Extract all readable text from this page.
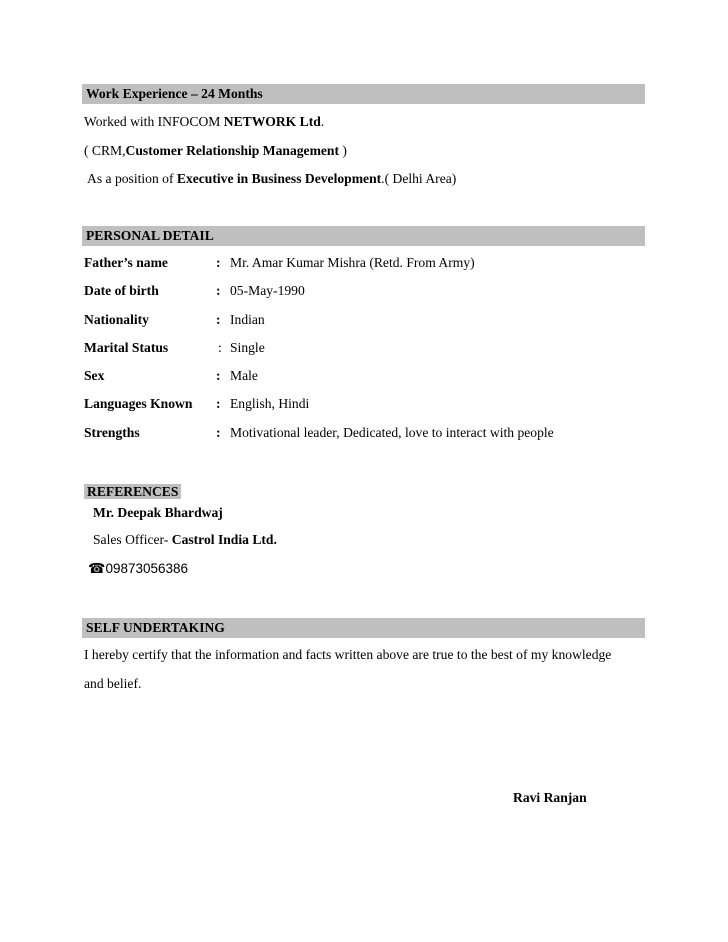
Work Experience – 24 Months

Worked with INFOCOM NETWORK Ltd.

( CRM,Customer Relationship Management )

As a position of Executive in Business Development.( Delhi Area)

PERSONAL DETAIL
Father’s name	: Mr. Amar Kumar Mishra (Retd. From Army)
Date of birth	: 05-May-1990
Nationality	: Indian
Marital Status	: Single
Sex	: Male
Languages Known	: English, Hindi
Strengths	: Motivational leader, Dedicated, love to interact with people
REFERENCES

Mr. Deepak Bhardwaj

Sales Officer- Castrol India Ltd.

☎09873056386

SELF UNDERTAKING

I hereby certify that the information and facts written above are true to the best of my knowledge

and belief.

Ravi Ranjan
